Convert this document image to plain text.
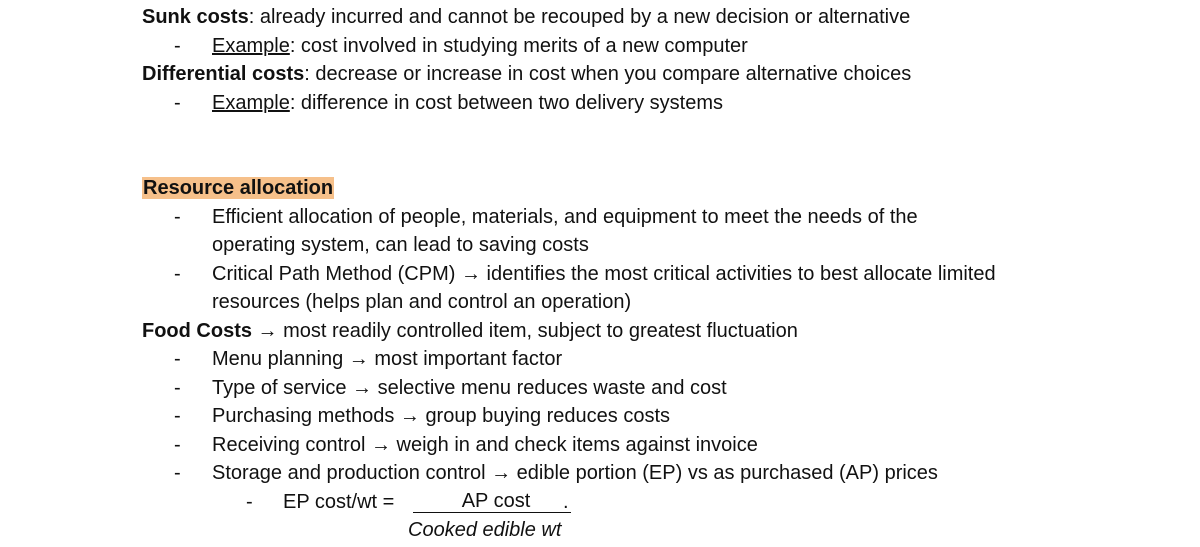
Sunk costs: already incurred and cannot be recouped by a new decision or alternative
- Example: cost involved in studying merits of a new computer
Differential costs: decrease or increase in cost when you compare alternative choices
- Example: difference in cost between two delivery systems
Resource allocation
- Efficient allocation of people, materials, and equipment to meet the needs of the
operating system, can lead to saving costs
- Critical Path Method (CPM) → identifies the most critical activities to best allocate limited
resources (helps plan and control an operation)
Food Costs → most readily controlled item, subject to greatest fluctuation
- Menu planning → most important factor
- Type of service → selective menu reduces waste and cost
- Purchasing methods → group buying reduces costs
- Receiving control → weigh in and check items against invoice
- Storage and production control → edible portion (EP) vs as purchased (AP) prices
- EP cost/wt =	AP cost	.
Cooked edible wt
